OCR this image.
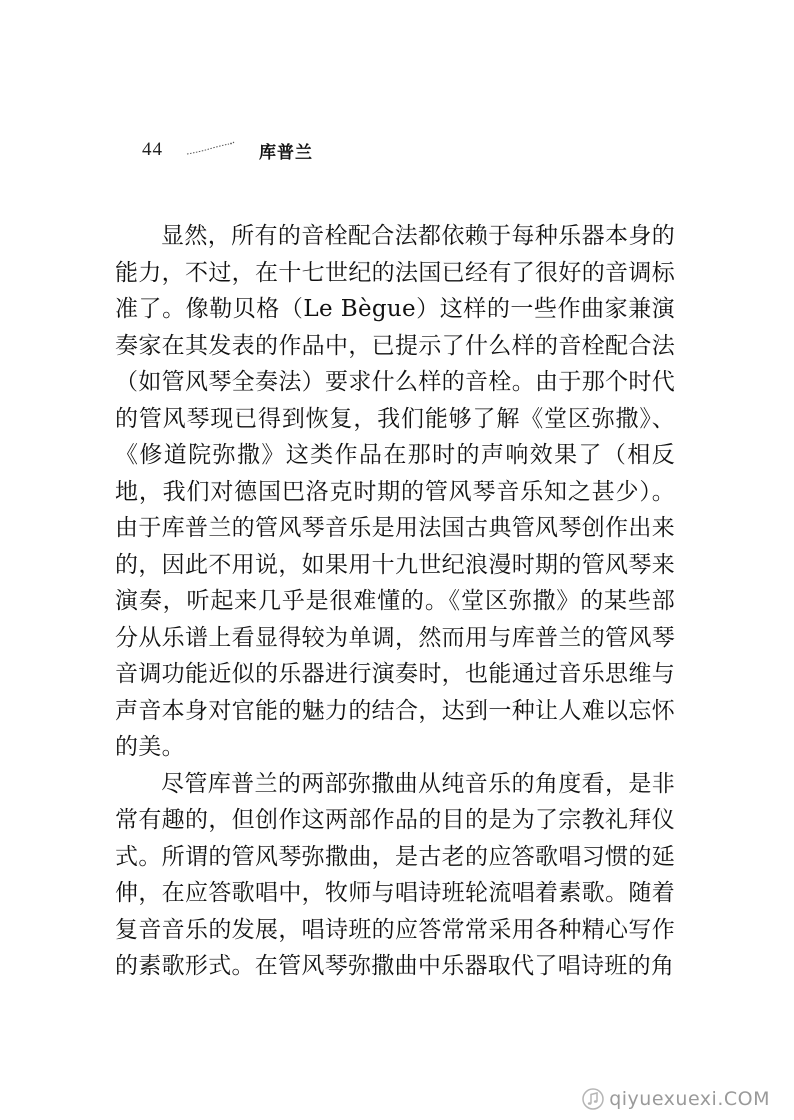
44	库普兰

显然，所有的音栓配合法都依赖于每种乐器本身的能力，不过，在十七世纪的法国已经有了很好的音调标准了。像勒贝格（Le Bègue）这样的一些作曲家兼演奏家在其发表的作品中，已提示了什么样的音栓配合法（如管风琴全奏法）要求什么样的音栓。由于那个时代的管风琴现已得到恢复，我们能够了解《堂区弥撒》、《修道院弥撒》这类作品在那时的声响效果了（相反地，我们对德国巴洛克时期的管风琴音乐知之甚少）。由于库普兰的管风琴音乐是用法国古典管风琴创作出来的，因此不用说，如果用十九世纪浪漫时期的管风琴来演奏，听起来几乎是很难懂的。《堂区弥撒》的某些部分从乐谱上看显得较为单调，然而用与库普兰的管风琴音调功能近似的乐器进行演奏时，也能通过音乐思维与声音本身对官能的魅力的结合，达到一种让人难以忘怀的美。

尽管库普兰的两部弥撒曲从纯音乐的角度看，是非常有趣的，但创作这两部作品的目的是为了宗教礼拜仪式。所谓的管风琴弥撒曲，是古老的应答歌唱习惯的延伸，在应答歌唱中，牧师与唱诗班轮流唱着素歌。随着复音音乐的发展，唱诗班的应答常常采用各种精心写作的素歌形式。在管风琴弥撒曲中乐器取代了唱诗班的角

qiyuexuexi.COM
